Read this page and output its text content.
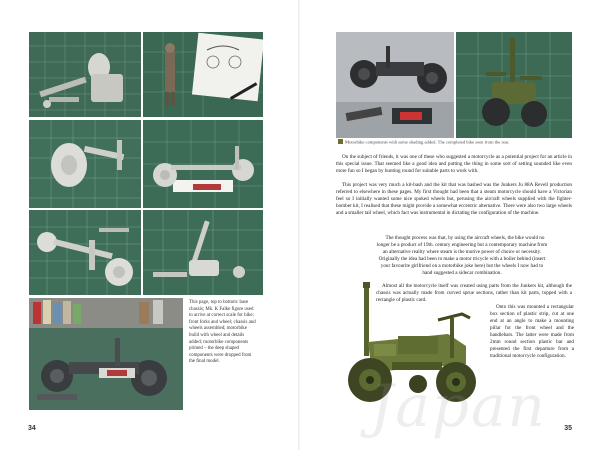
This page, top to bottom: base chassis; Mk. K Falke figure used to arrive at correct scale for bike; front forks and wheel; chassis and wheels assembled; motorbike build with wheel and details added; motorbike components primed – the deep shaped components were dropped from the final model.
34
Motorbike components with some shading added. The completed bike seen from the rear.

On the subject of friends, it was one of these who suggested a motorcycle as a potential project for an article in this special issue. That seemed like a good idea and putting the thing in some sort of setting sounded like even more fun so I began by hunting round for suitable parts to work with.

This project was very much a kit-bash and the kit that was bashed was the Junkers Ju 88A Revell production referred to elsewhere in these pages. My first thought had been that a steam motorcycle should have a Victorian feel so I initially wanted some nice spoked wheels but, perusing the aircraft wheels supplied with the fighter-bomber kit, I realised that these might provide a somewhat eccentric alternative. There were also two large wheels and a smaller tail wheel, which fact was instrumental in dictating the configuration of the machine.

The thought process was that, by using the aircraft wheels, the bike would no longer be a product of 19th. century engineering but a contemporary machine from an alternative reality where steam is the motive power of choice or necessity. Originally the idea had been to make a motor tricycle with a boiler behind (insert your favourite girlfriend on a motorbike joke here) but the wheels I now had to hand suggested a sidecar combination.

Almost all the motorcycle itself was created using parts from the Junkers kit, although the chassis was actually made from curved sprue sections, rather than kit parts, topped with a rectangle of plastic card.

Onto this was mounted a rectangular box section of plastic strip, cut at one end at an angle to make a mounting pillar for the front wheel and the handlebars. The latter were made from 2mm round section plastic bar and presented the first departure from a traditional motorcycle configuration.

Japan 35
